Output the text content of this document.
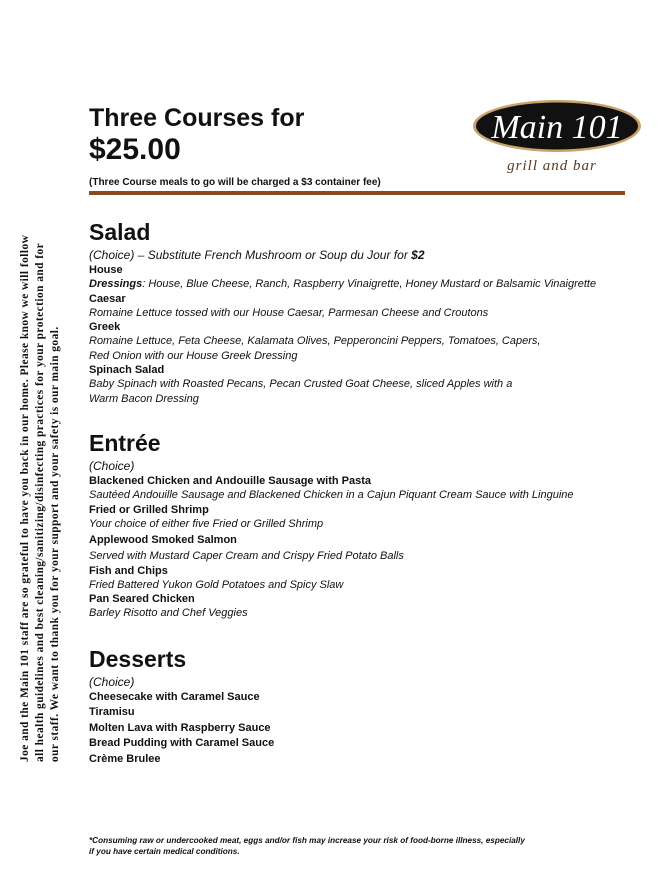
Joe and the Main 101 staff are so grateful to have you back in our home. Please know we will follow all health guidelines and best cleaning/sanitizing/disinfecting practices for your protection and for our staff. We want to thank you for your support and your safety is our main goal.
Three Courses for
$25.00
(Three Course meals to go will be charged a $3 container fee)
Main 101
grill and bar
Salad
(Choice) – Substitute French Mushroom or Soup du Jour for $2
House
Dressings: House, Blue Cheese, Ranch, Raspberry Vinaigrette, Honey Mustard or Balsamic Vinaigrette
Caesar
Romaine Lettuce tossed with our House Caesar, Parmesan Cheese and Croutons
Greek
Romaine Lettuce, Feta Cheese, Kalamata Olives, Pepperoncini Peppers, Tomatoes, Capers,
Red Onion with our House Greek Dressing
Spinach Salad
Baby Spinach with Roasted Pecans, Pecan Crusted Goat Cheese, sliced Apples with a
Warm Bacon Dressing
Entrée
(Choice)
Blackened Chicken and Andouille Sausage with Pasta
Sautéed Andouille Sausage and Blackened Chicken in a Cajun Piquant Cream Sauce with Linguine
Fried or Grilled Shrimp
Your choice of either five Fried or Grilled Shrimp
Applewood Smoked Salmon
Served with Mustard Caper Cream and Crispy Fried Potato Balls
Fish and Chips
Fried Battered Yukon Gold Potatoes and Spicy Slaw
Pan Seared Chicken
Barley Risotto and Chef Veggies
Desserts
(Choice)
Cheesecake with Caramel Sauce
Tiramisu
Molten Lava with Raspberry Sauce
Bread Pudding with Caramel Sauce
Crème Brulee
*Consuming raw or undercooked meat, eggs and/or fish may increase your risk of food-borne illness, especially
if you have certain medical conditions.
